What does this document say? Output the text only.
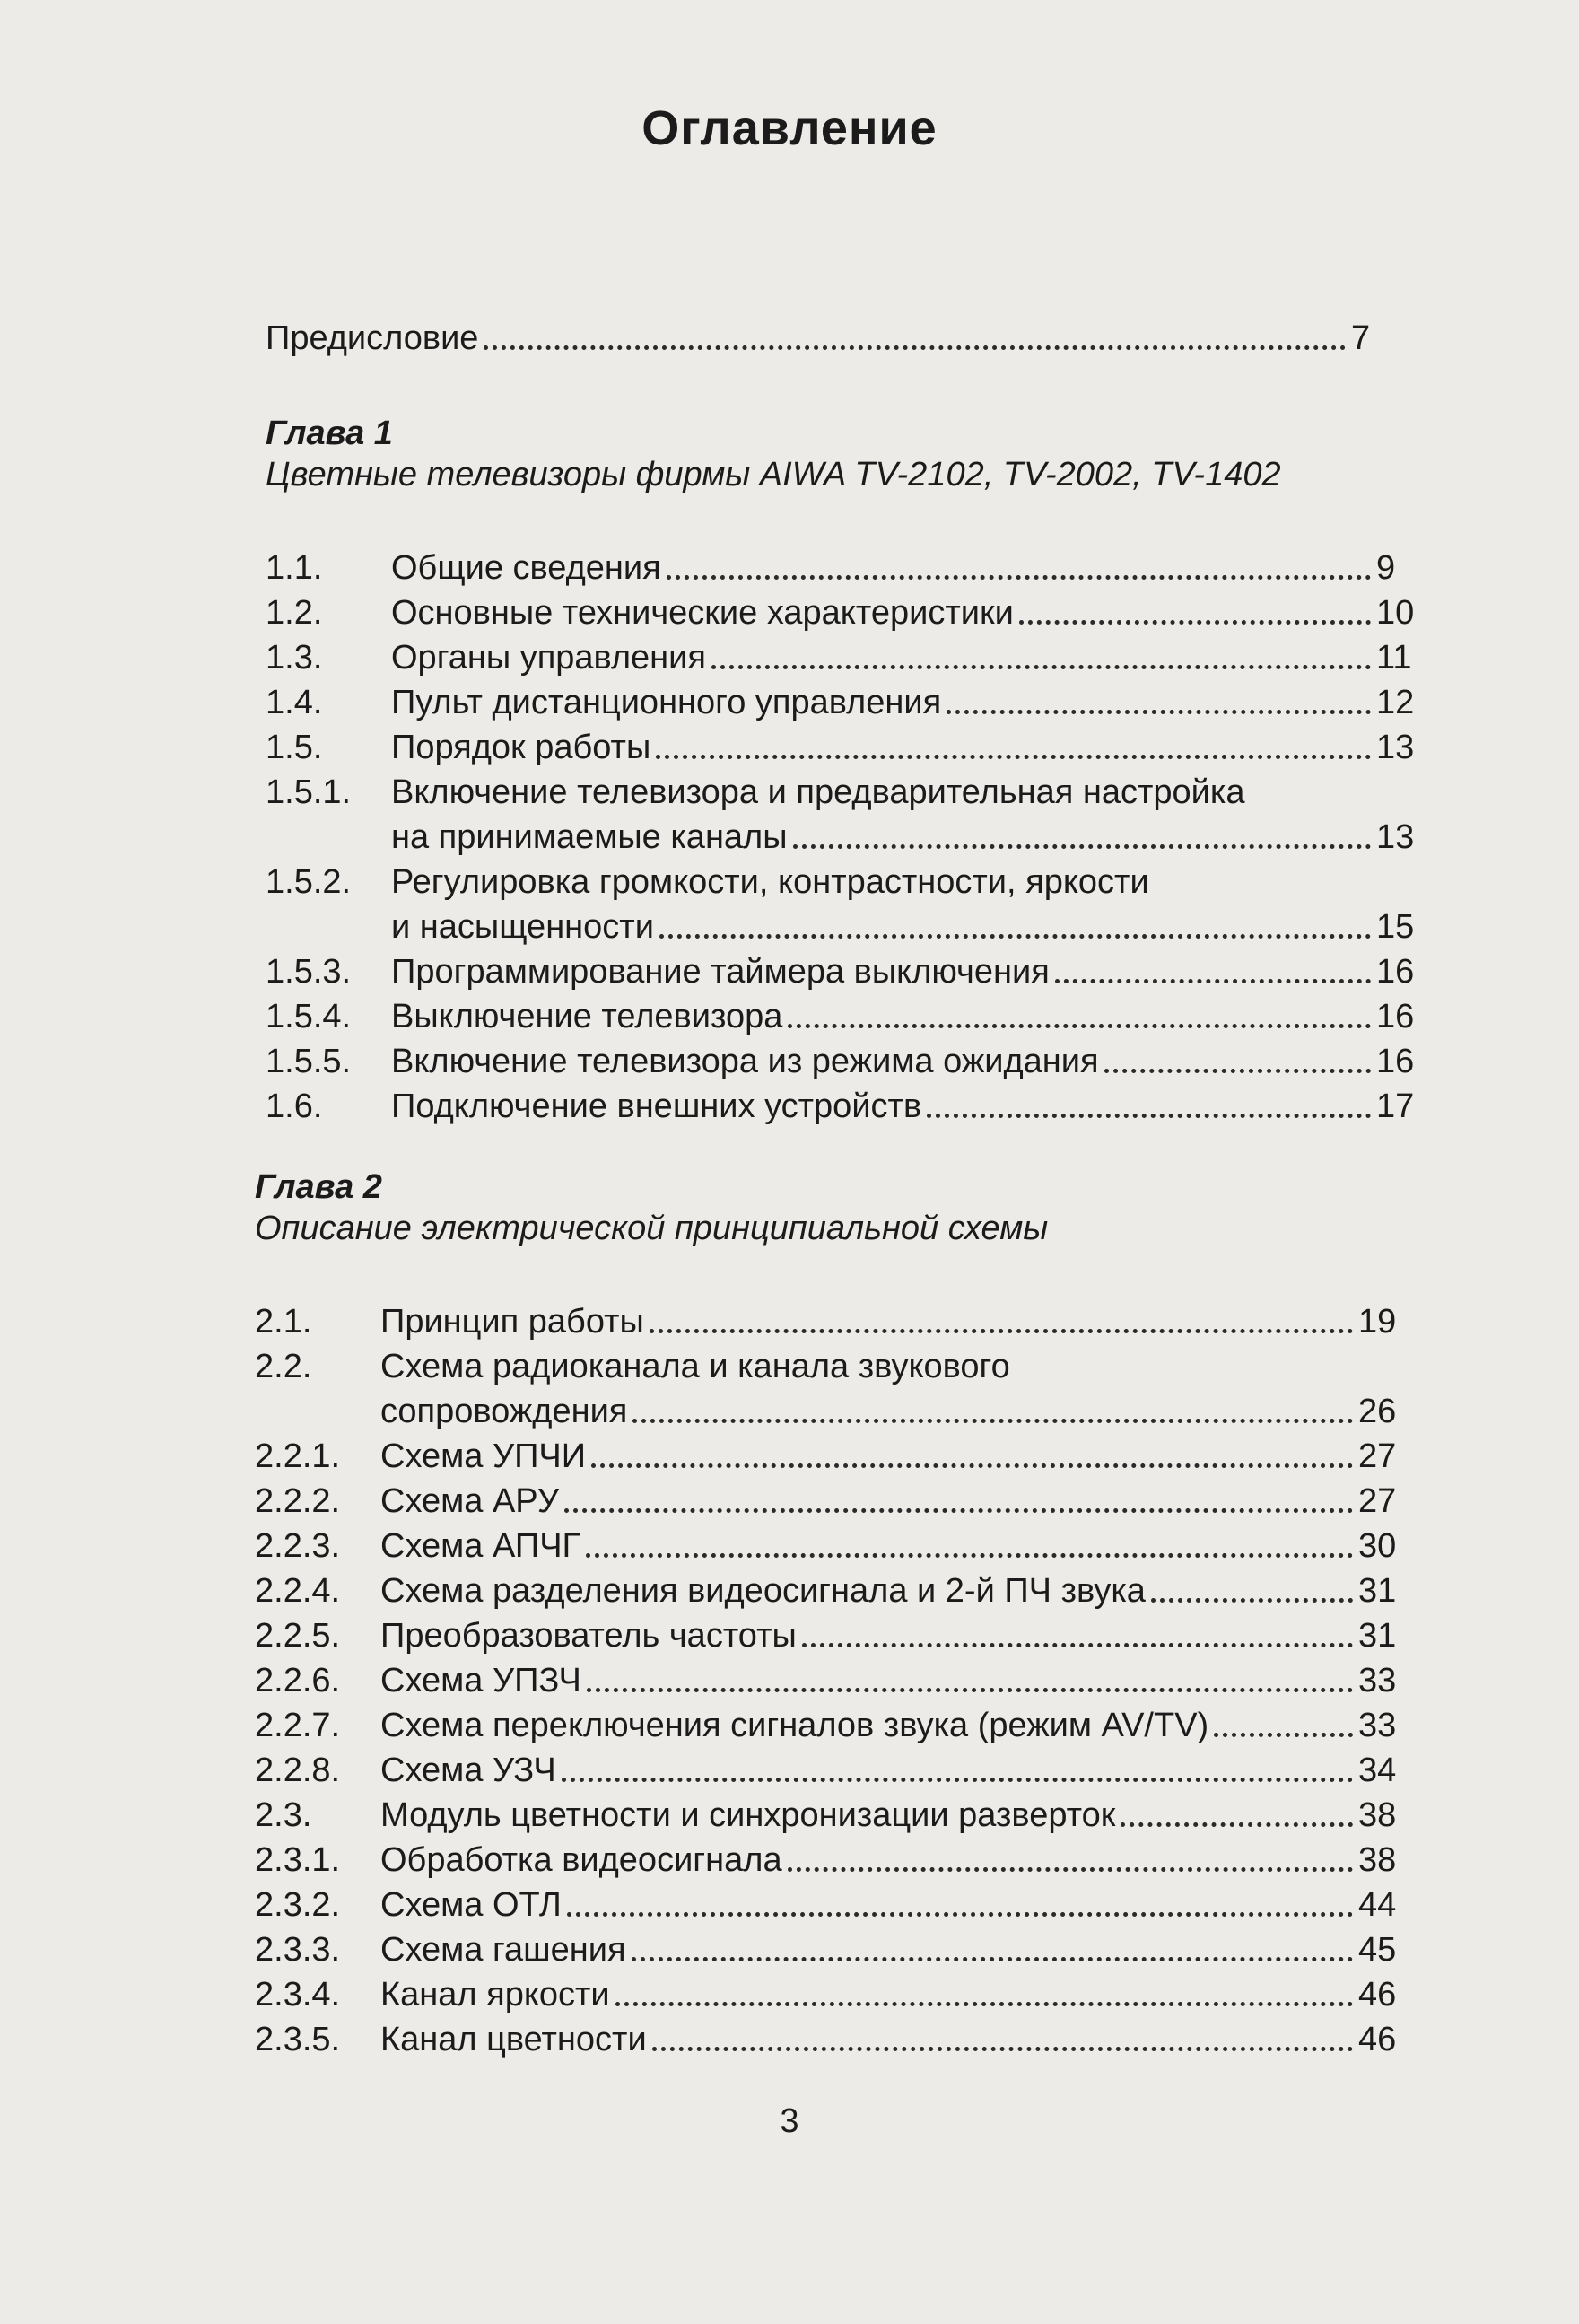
Оглавление
Предисловие	7
Глава 1
Цветные телевизоры фирмы AIWA TV-2102, TV-2002, TV-1402
1.1.	Общие сведения	9
1.2.	Основные технические характеристики	10
1.3.	Органы управления	11
1.4.	Пульт дистанционного управления	12
1.5.	Порядок работы	13
1.5.1.	Включение телевизора и предварительная настройка
на принимаемые каналы	13
1.5.2.	Регулировка громкости, контрастности, яркости
и насыщенности	15
1.5.3.	Программирование таймера выключения	16
1.5.4.	Выключение телевизора	16
1.5.5.	Включение телевизора из режима ожидания	16
1.6.	Подключение внешних устройств	17
Глава 2
Описание электрической принципиальной схемы
2.1.	Принцип работы	19
2.2.	Схема радиоканала и канала звукового
сопровождения	26
2.2.1.	Схема УПЧИ	27
2.2.2.	Схема АРУ	27
2.2.3.	Схема АПЧГ	30
2.2.4.	Схема разделения видеосигнала и 2-й ПЧ звука	31
2.2.5.	Преобразователь частоты	31
2.2.6.	Схема УПЗЧ	33
2.2.7.	Схема переключения сигналов звука (режим AV/TV)	33
2.2.8.	Схема УЗЧ	34
2.3.	Модуль цветности и синхронизации разверток	38
2.3.1.	Обработка видеосигнала	38
2.3.2.	Схема ОТЛ	44
2.3.3.	Схема гашения	45
2.3.4.	Канал яркости	46
2.3.5.	Канал цветности	46
3
